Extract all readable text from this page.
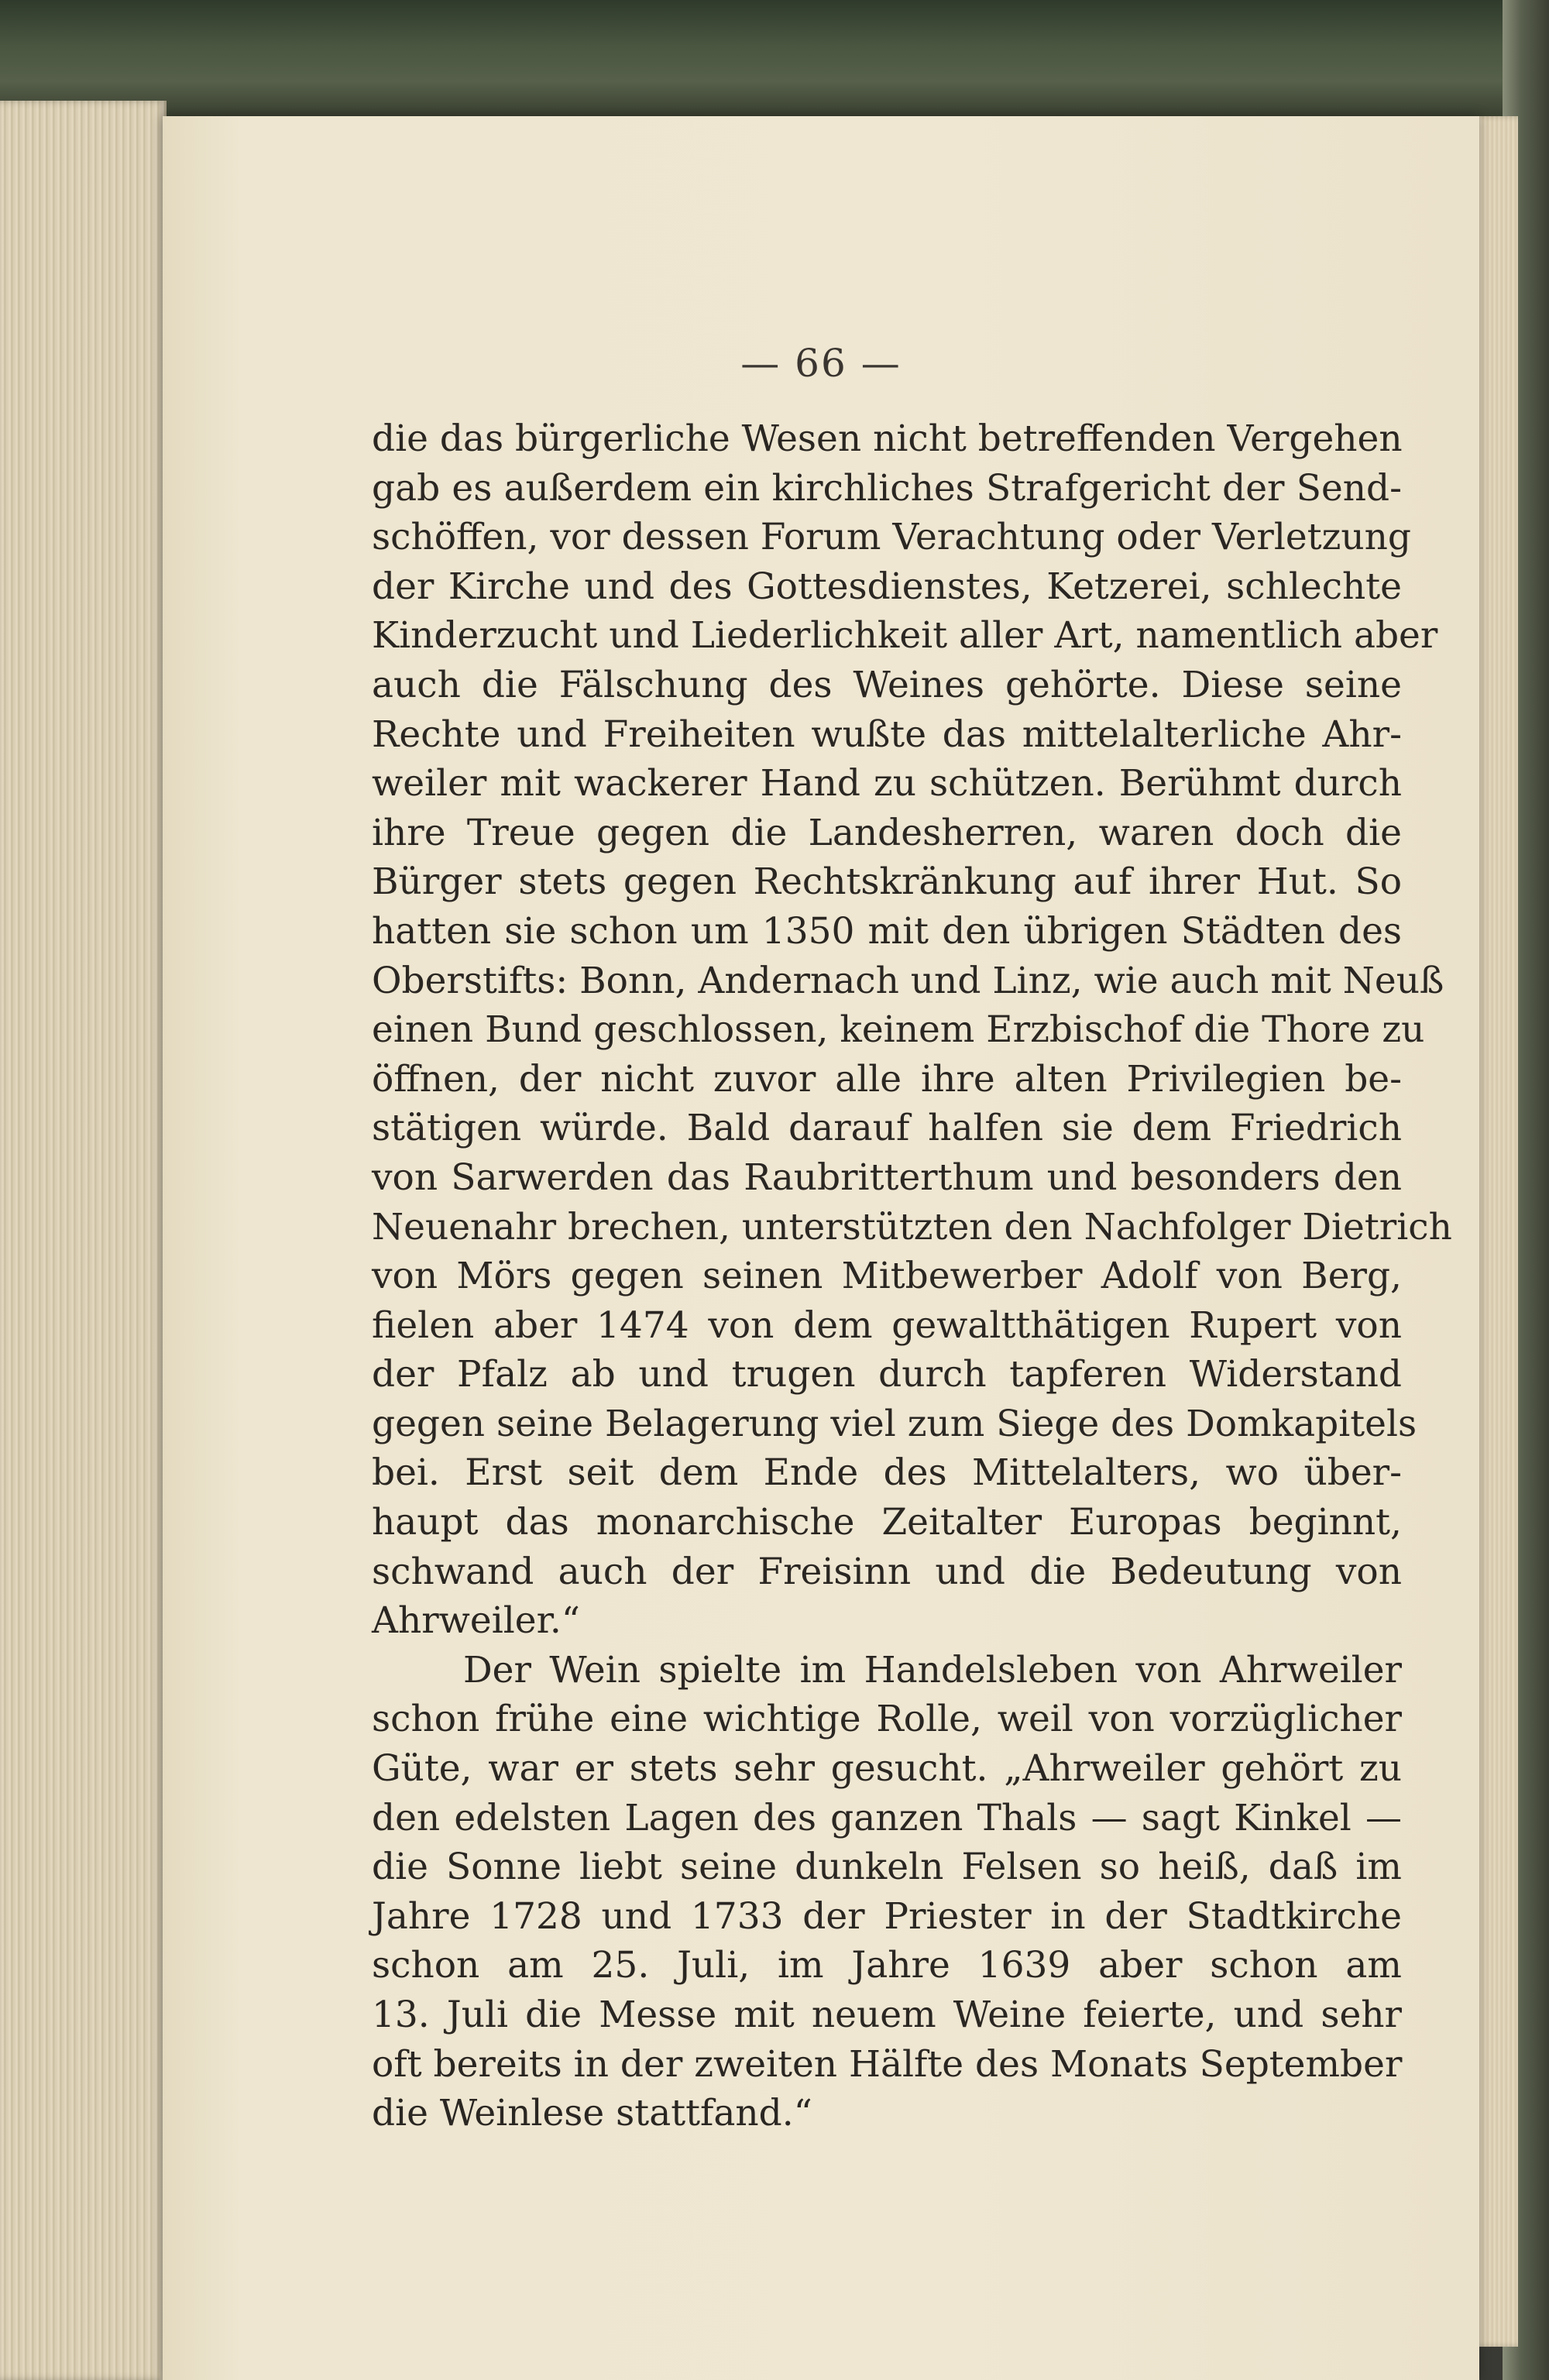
— 66 —
die das bürgerliche Wesen nicht betreffenden Vergehen
gab es außerdem ein kirchliches Strafgericht der Send-
schöffen, vor dessen Forum Verachtung oder Verletzung
der Kirche und des Gottesdienstes, Ketzerei, schlechte
Kinderzucht und Liederlichkeit aller Art, namentlich aber
auch die Fälschung des Weines gehörte. Diese seine
Rechte und Freiheiten wußte das mittelalterliche Ahr-
weiler mit wackerer Hand zu schützen. Berühmt durch
ihre Treue gegen die Landesherren, waren doch die
Bürger stets gegen Rechtskränkung auf ihrer Hut. So
hatten sie schon um 1350 mit den übrigen Städten des
Oberstifts: Bonn, Andernach und Linz, wie auch mit Neuß
einen Bund geschlossen, keinem Erzbischof die Thore zu
öffnen, der nicht zuvor alle ihre alten Privilegien be-
stätigen würde. Bald darauf halfen sie dem Friedrich
von Sarwerden das Raubritterthum und besonders den
Neuenahr brechen, unterstützten den Nachfolger Dietrich
von Mörs gegen seinen Mitbewerber Adolf von Berg,
fielen aber 1474 von dem gewaltthätigen Rupert von
der Pfalz ab und trugen durch tapferen Widerstand
gegen seine Belagerung viel zum Siege des Domkapitels
bei. Erst seit dem Ende des Mittelalters, wo über-
haupt das monarchische Zeitalter Europas beginnt,
schwand auch der Freisinn und die Bedeutung von
Ahrweiler.“
Der Wein spielte im Handelsleben von Ahrweiler
schon frühe eine wichtige Rolle, weil von vorzüglicher
Güte, war er stets sehr gesucht. „Ahrweiler gehört zu
den edelsten Lagen des ganzen Thals — sagt Kinkel —
die Sonne liebt seine dunkeln Felsen so heiß, daß im
Jahre 1728 und 1733 der Priester in der Stadtkirche
schon am 25. Juli, im Jahre 1639 aber schon am
13. Juli die Messe mit neuem Weine feierte, und sehr
oft bereits in der zweiten Hälfte des Monats September
die Weinlese stattfand.“
